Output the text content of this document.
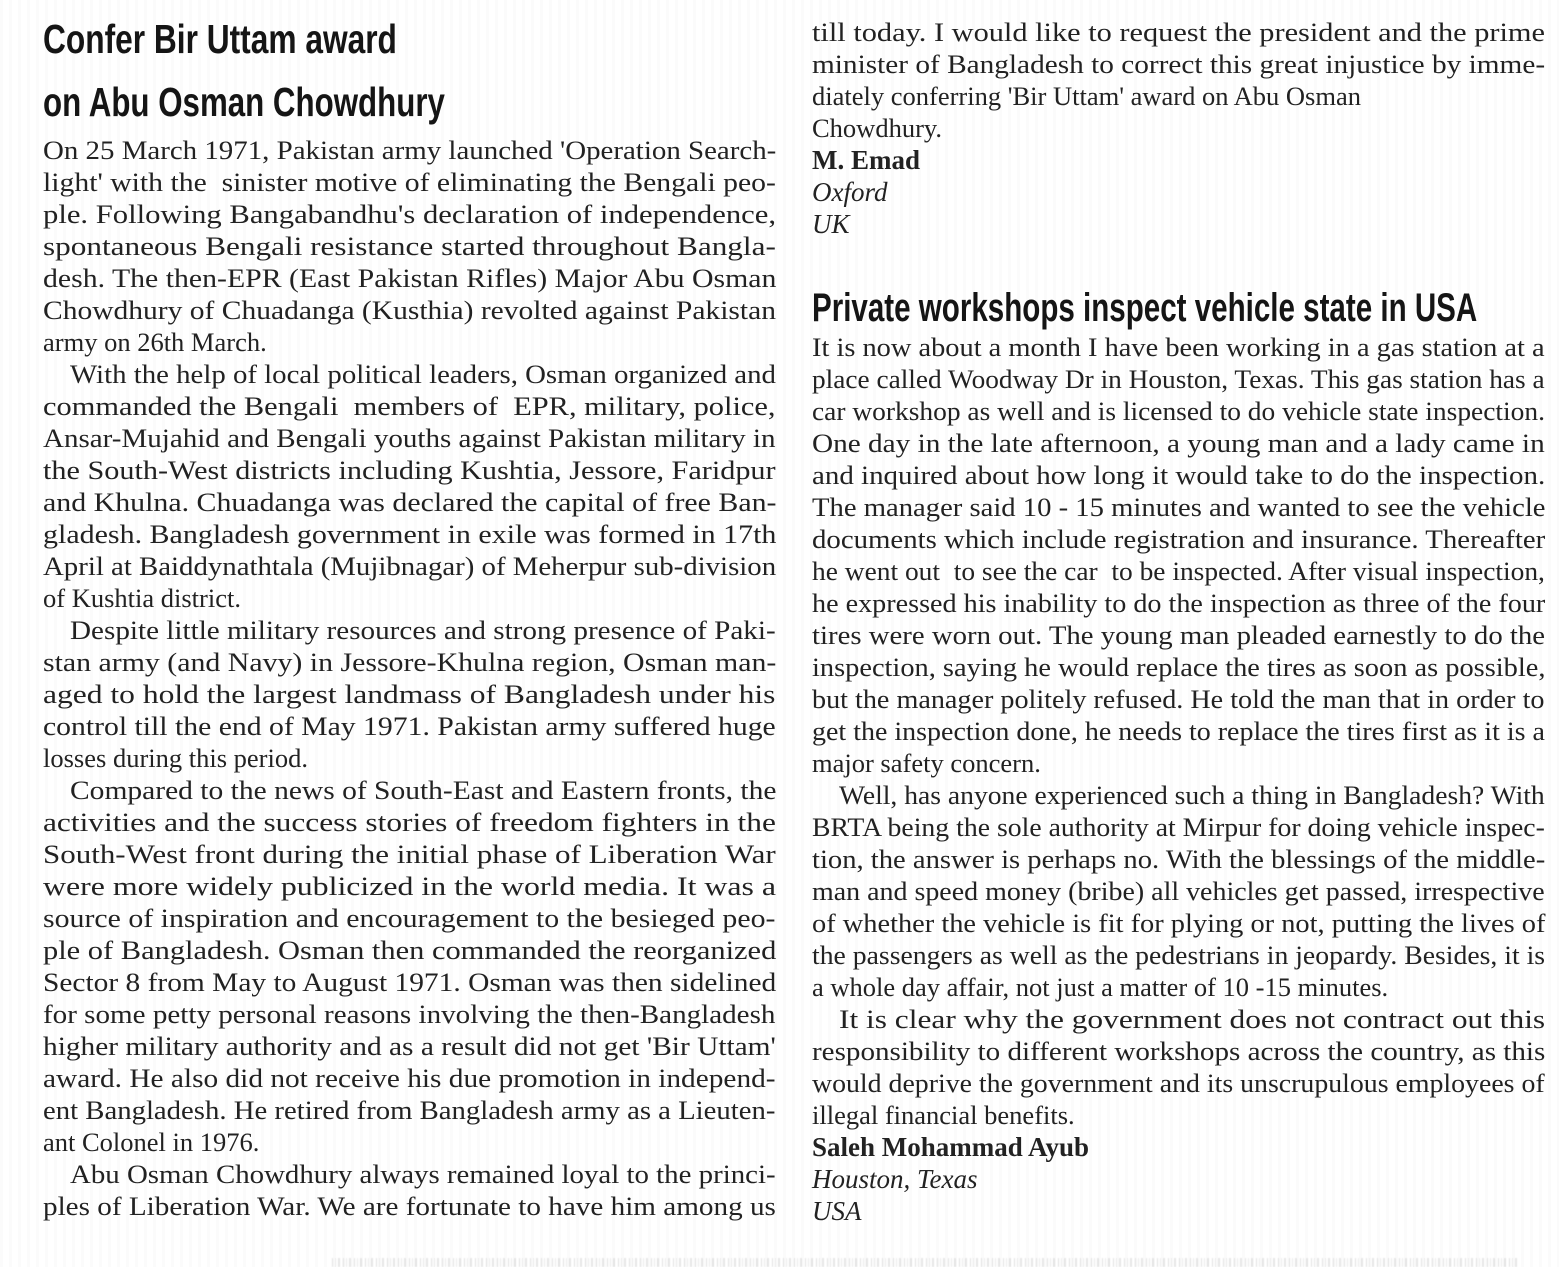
Confer Bir Uttam award
on Abu Osman Chowdhury
On 25 March 1971, Pakistan army launched 'Operation Search-
light' with the  sinister motive of eliminating the Bengali peo-
ple. Following Bangabandhu's declaration of independence,
spontaneous Bengali resistance started throughout Bangla-
desh. The then-EPR (East Pakistan Rifles) Major Abu Osman
Chowdhury of Chuadanga (Kusthia) revolted against Pakistan
army on 26th March.
With the help of local political leaders, Osman organized and
commanded the Bengali  members of  EPR, military, police,
Ansar-Mujahid and Bengali youths against Pakistan military in
the South-West districts including Kushtia, Jessore, Faridpur
and Khulna. Chuadanga was declared the capital of free Ban-
gladesh. Bangladesh government in exile was formed in 17th
April at Baiddynathtala (Mujibnagar) of Meherpur sub-division
of Kushtia district.
Despite little military resources and strong presence of Paki-
stan army (and Navy) in Jessore-Khulna region, Osman man-
aged to hold the largest landmass of Bangladesh under his
control till the end of May 1971. Pakistan army suffered huge
losses during this period.
Compared to the news of South-East and Eastern fronts, the
activities and the success stories of freedom fighters in the
South-West front during the initial phase of Liberation War
were more widely publicized in the world media. It was a
source of inspiration and encouragement to the besieged peo-
ple of Bangladesh. Osman then commanded the reorganized
Sector 8 from May to August 1971. Osman was then sidelined
for some petty personal reasons involving the then-Bangladesh
higher military authority and as a result did not get 'Bir Uttam'
award. He also did not receive his due promotion in independ-
ent Bangladesh. He retired from Bangladesh army as a Lieuten-
ant Colonel in 1976.
Abu Osman Chowdhury always remained loyal to the princi-
ples of Liberation War. We are fortunate to have him among us
till today. I would like to request the president and the prime
minister of Bangladesh to correct this great injustice by imme-
diately conferring 'Bir Uttam' award on Abu Osman
Chowdhury.
M. Emad
Oxford
UK
Private workshops inspect vehicle state in USA
It is now about a month I have been working in a gas station at a
place called Woodway Dr in Houston, Texas. This gas station has a
car workshop as well and is licensed to do vehicle state inspection.
One day in the late afternoon, a young man and a lady came in
and inquired about how long it would take to do the inspection.
The manager said 10 - 15 minutes and wanted to see the vehicle
documents which include registration and insurance. Thereafter
he went out  to see the car  to be inspected. After visual inspection,
he expressed his inability to do the inspection as three of the four
tires were worn out. The young man pleaded earnestly to do the
inspection, saying he would replace the tires as soon as possible,
but the manager politely refused. He told the man that in order to
get the inspection done, he needs to replace the tires first as it is a
major safety concern.
Well, has anyone experienced such a thing in Bangladesh? With
BRTA being the sole authority at Mirpur for doing vehicle inspec-
tion, the answer is perhaps no. With the blessings of the middle-
man and speed money (bribe) all vehicles get passed, irrespective
of whether the vehicle is fit for plying or not, putting the lives of
the passengers as well as the pedestrians in jeopardy. Besides, it is
a whole day affair, not just a matter of 10 -15 minutes.
It is clear why the government does not contract out this
responsibility to different workshops across the country, as this
would deprive the government and its unscrupulous employees of
illegal financial benefits.
Saleh Mohammad Ayub
Houston, Texas
USA
